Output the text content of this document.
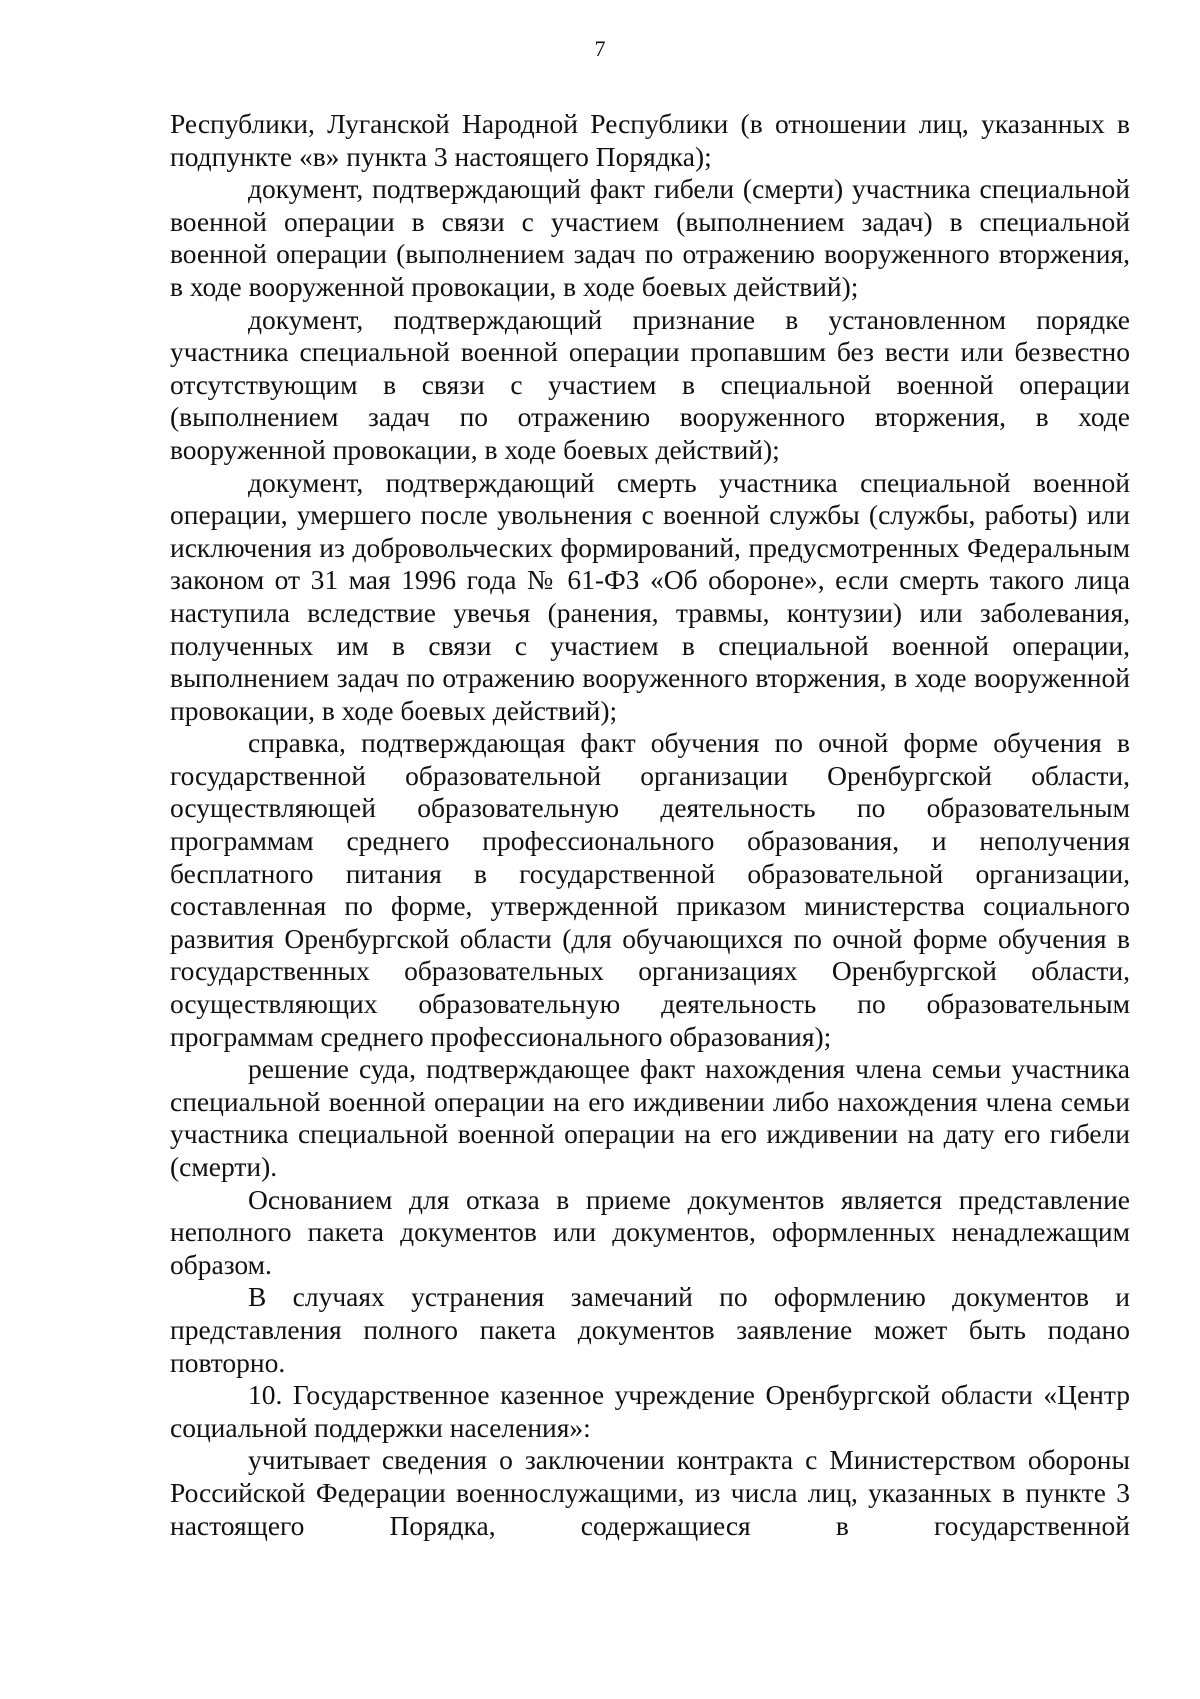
7

Республики, Луганской Народной Республики (в отношении лиц, указанных в подпункте «в» пункта 3 настоящего Порядка);

документ, подтверждающий факт гибели (смерти) участника специальной военной операции в связи с участием (выполнением задач) в специальной военной операции (выполнением задач по отражению вооруженного вторжения, в ходе вооруженной провокации, в ходе боевых действий);

документ, подтверждающий признание в установленном порядке участника специальной военной операции пропавшим без вести или безвестно отсутствующим в связи с участием в специальной военной операции (выполнением задач по отражению вооруженного вторжения, в ходе вооруженной провокации, в ходе боевых действий);

документ, подтверждающий смерть участника специальной военной операции, умершего после увольнения с военной службы (службы, работы) или исключения из добровольческих формирований, предусмотренных Федеральным законом от 31 мая 1996 года № 61-ФЗ «Об обороне», если смерть такого лица наступила вследствие увечья (ранения, травмы, контузии) или заболевания, полученных им в связи с участием в специальной военной операции, выполнением задач по отражению вооруженного вторжения, в ходе вооруженной провокации, в ходе боевых действий);

справка, подтверждающая факт обучения по очной форме обучения в государственной образовательной организации Оренбургской области, осуществляющей образовательную деятельность по образовательным программам среднего профессионального образования, и неполучения бесплатного питания в государственной образовательной организации, составленная по форме, утвержденной приказом министерства социального развития Оренбургской области (для обучающихся по очной форме обучения в государственных образовательных организациях Оренбургской области, осуществляющих образовательную деятельность по образовательным программам среднего профессионального образования);

решение суда, подтверждающее факт нахождения члена семьи участника специальной военной операции на его иждивении либо нахождения члена семьи участника специальной военной операции на его иждивении на дату его гибели (смерти).

Основанием для отказа в приеме документов является представление неполного пакета документов или документов, оформленных ненадлежащим образом.

В случаях устранения замечаний по оформлению документов и представления полного пакета документов заявление может быть подано повторно.

10. Государственное казенное учреждение Оренбургской области «Центр социальной поддержки населения»:

учитывает сведения о заключении контракта с Министерством обороны Российской Федерации военнослужащими, из числа лиц, указанных в пункте 3 настоящего Порядка, содержащиеся в государственной
